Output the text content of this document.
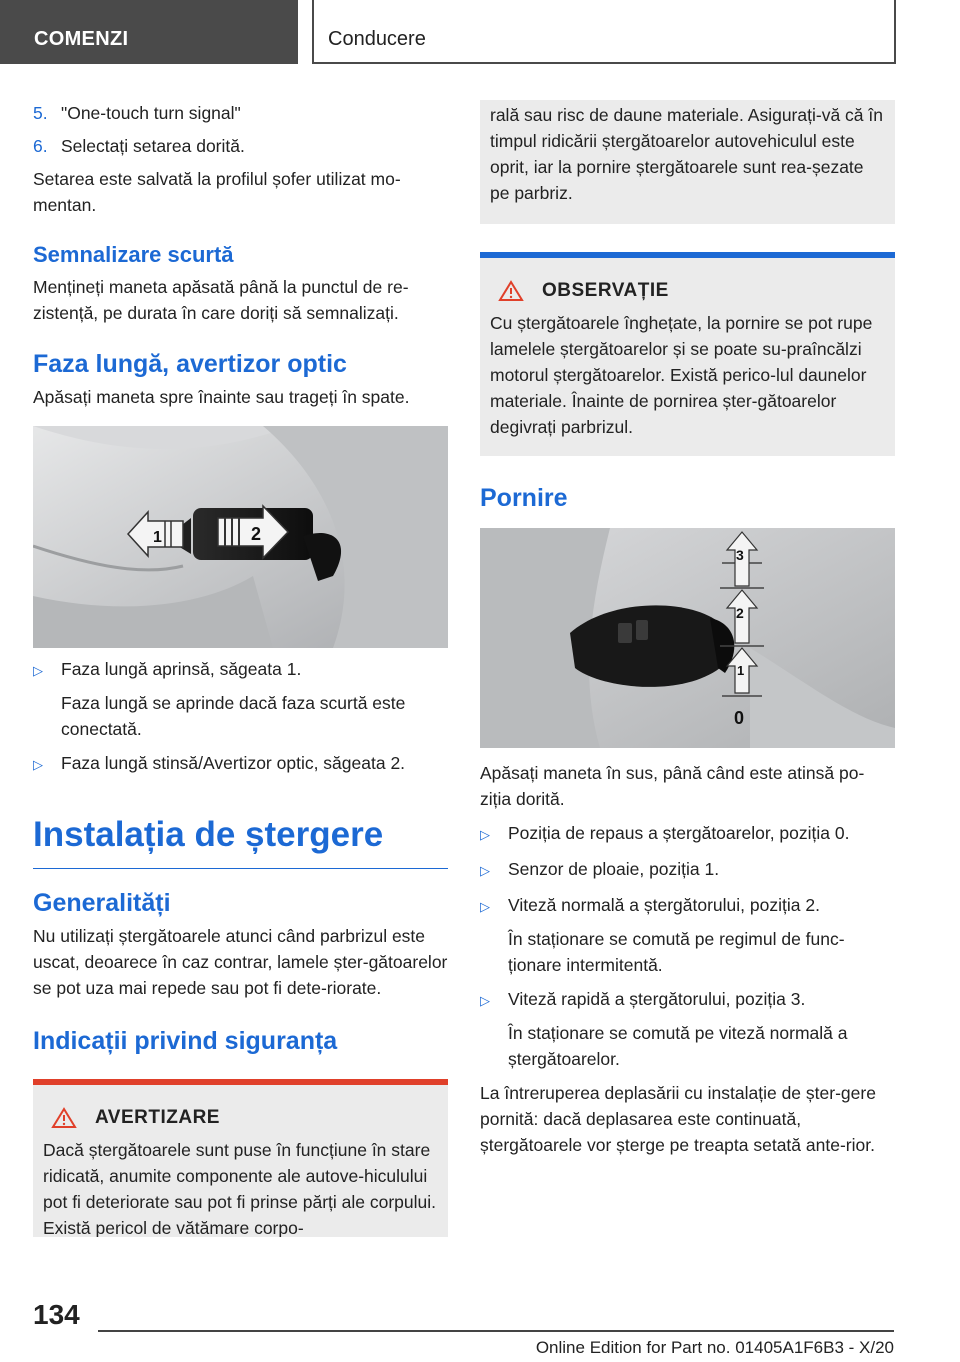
COMENZI	Conducere
5. "One-touch turn signal"
6. Selectați setarea dorită.

Setarea este salvată la profilul șofer utilizat mo-mentan.

Semnalizare scurtă

Mențineți maneta apăsată până la punctul de re-zistență, pe durata în care doriți să semnalizați.

Faza lungă, avertizor optic

Apăsați maneta spre înainte sau trageți în spate.

1	2
▷	Faza lungă aprinsă, săgeata 1.
Faza lungă se aprinde dacă faza scurtă este conectată.
▷	Faza lungă stinsă/Avertizor optic, săgeata 2.
Instalația de ștergere
Generalități

Nu utilizați ștergătoarele atunci când parbrizul este uscat, deoarece în caz contrar, lamele șter-gătoarelor se pot uza mai repede sau pot fi dete-riorate.

Indicații privind siguranța
AVERTIZARE

Dacă ștergătoarele sunt puse în funcțiune în stare ridicată, anumite componente ale autove-hiculului pot fi deteriorate sau pot fi prinse părți ale corpului. Există pericol de vătămare corpo-

rală sau risc de daune materiale. Asigurați-vă că în timpul ridicării ștergătoarelor autovehiculul este oprit, iar la pornire ștergătoarele sunt rea-șezate pe parbriz.

OBSERVAȚIE

Cu ștergătoarele înghețate, la pornire se pot rupe lamelele ștergătoarelor și se poate su-praîncălzi motorul ștergătoarelor. Există perico-lul daunelor materiale. Înainte de pornirea șter-gătoarelor degivrați parbrizul.

Pornire
3
2
1
0

Apăsați maneta în sus, până când este atinsă po-ziția dorită.

▷	Poziția de repaus a ștergătoarelor, poziția 0.
▷	Senzor de ploaie, poziția 1.
▷	Viteză normală a ștergătorului, poziția 2.
În staționare se comută pe regimul de func-ționare intermitentă.
▷	Viteză rapidă a ștergătorului, poziția 3.
În staționare se comută pe viteză normală a ștergătoarelor.

La întreruperea deplasării cu instalație de șter-gere pornită: dacă deplasarea este continuată, ștergătoarele vor șterge pe treapta setată ante-rior.

134
Online Edition for Part no. 01405A1F6B3 - X/20
